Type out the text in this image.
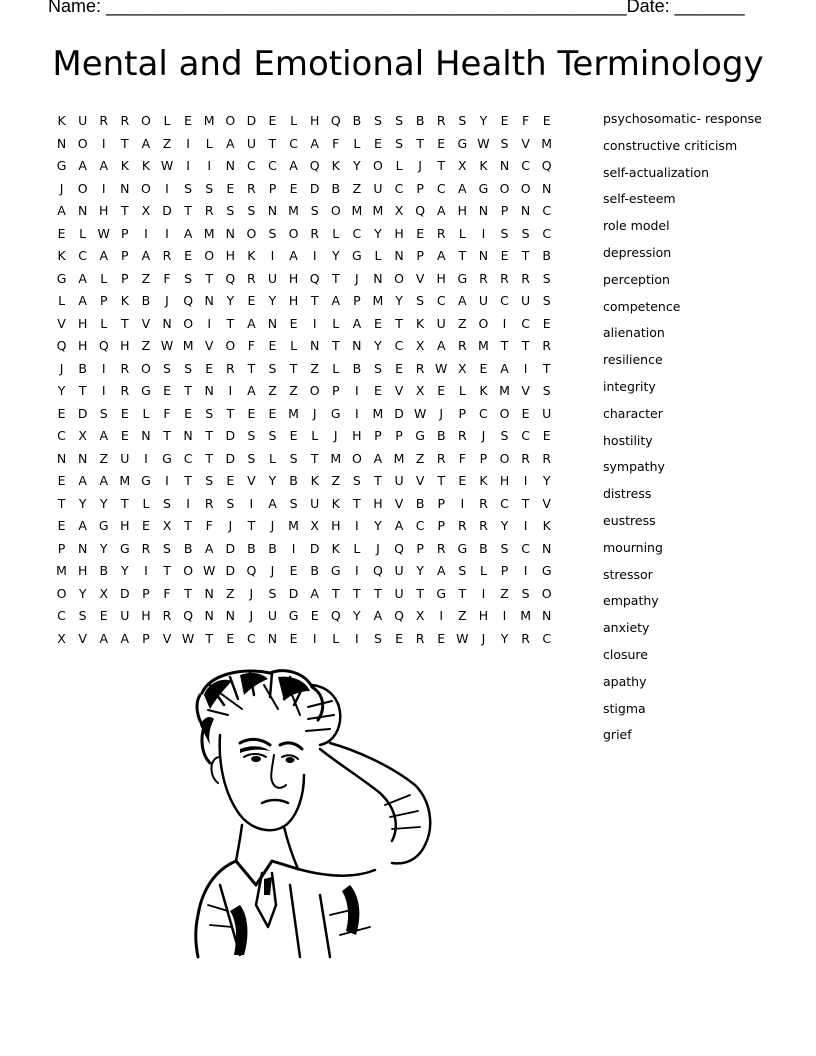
Name: ____________________________________________________ Date: _______
Mental and Emotional Health Terminology
K U R R O	L	E M O D E	L	H Q B	S	S	B R	S	Y	E	F	E
N O	I	T	A	Z	I	L	A U	T	C A	F	L	E	S	T	E G W S	V M
G A	A	K	K W	I	I	N C C A Q K	Y O	L	J	T	X	K N C Q
J	O	I	N O	I	S	S	E	R	P	E D B	Z U C	P	C A G O O N
A N H	T	X D T	R	S	S N M S O M M X Q A H N	P	N C
E	L W P	I	I	A M N O S O R	L	C	Y	H E	R	L	I	S	S	C
K	C A	P	A R	E O H K	I	A	I	Y G	L	N	P	A	T	N E	T	B
G A	L	P	Z	F	S	T Q R U H Q T	J	N O V H G R R R	S
L	A	P	K	B	J	Q N	Y	E	Y	H	T	A	P M Y	S	C A U C U	S
V H	L	T	V N O	I	T	A N E	I	L	A	E	T	K U Z O	I	C	E
Q H Q H Z W M V O	F	E	L	N	T	N	Y	C X	A R M T	T	R
J	B	I	R O S	S	E	R	T	S	T	Z	L	B	S	E	R W X	E	A	I	T
Y	T	I	R G E	T	N	I	A	Z	Z O P	I	E	V	X	E	L	K M V	S
E D S	E	L	F	E	S	T	E	E M	J	G	I	M D W	J	P	C O E	U
C X	A	E N	T	N	T D S	S	E	L	J	H	P	P G B R	J	S	C	E
N N Z U	I	G C	T D S	L	S	T M O A M Z R	F	P O R R
E	A	A M G	I	T	S	E	V	Y	B	K	Z	S	T	U V	T	E	K H	I	Y
T	Y	Y	T	L	S	I	R	S	I	A	S	U K	T	H V	B	P	I	R C	T	V
E	A G H E	X	T	F	J	T	J	M X H	I	Y	A C	P	R R	Y	I	K
P	N	Y G R	S	B	A D B	B	I	D K	L	J	Q P	R G B	S	C N
M H B	Y	I	T O W D Q	J	E	B G	I	Q U	Y	A	S	L	P	I	G
O Y	X D	P	F	T	N Z	J	S D A	T	T	T	U	T G T	I	Z	S O
C	S	E	U H R Q N N	J	U G E Q Y	A Q X	I	Z H	I	M N
X	V	A	A	P	V W T	E	C N E	I	L	I	S	E	R	E W	J	Y	R C
psychosomatic- response
constructive criticism
self-actualization
self-esteem
role model
depression
perception
competence
alienation
resilience
integrity
character
hostility
sympathy
distress
eustress
mourning
stressor
empathy
anxiety
closure
apathy
stigma
grief
